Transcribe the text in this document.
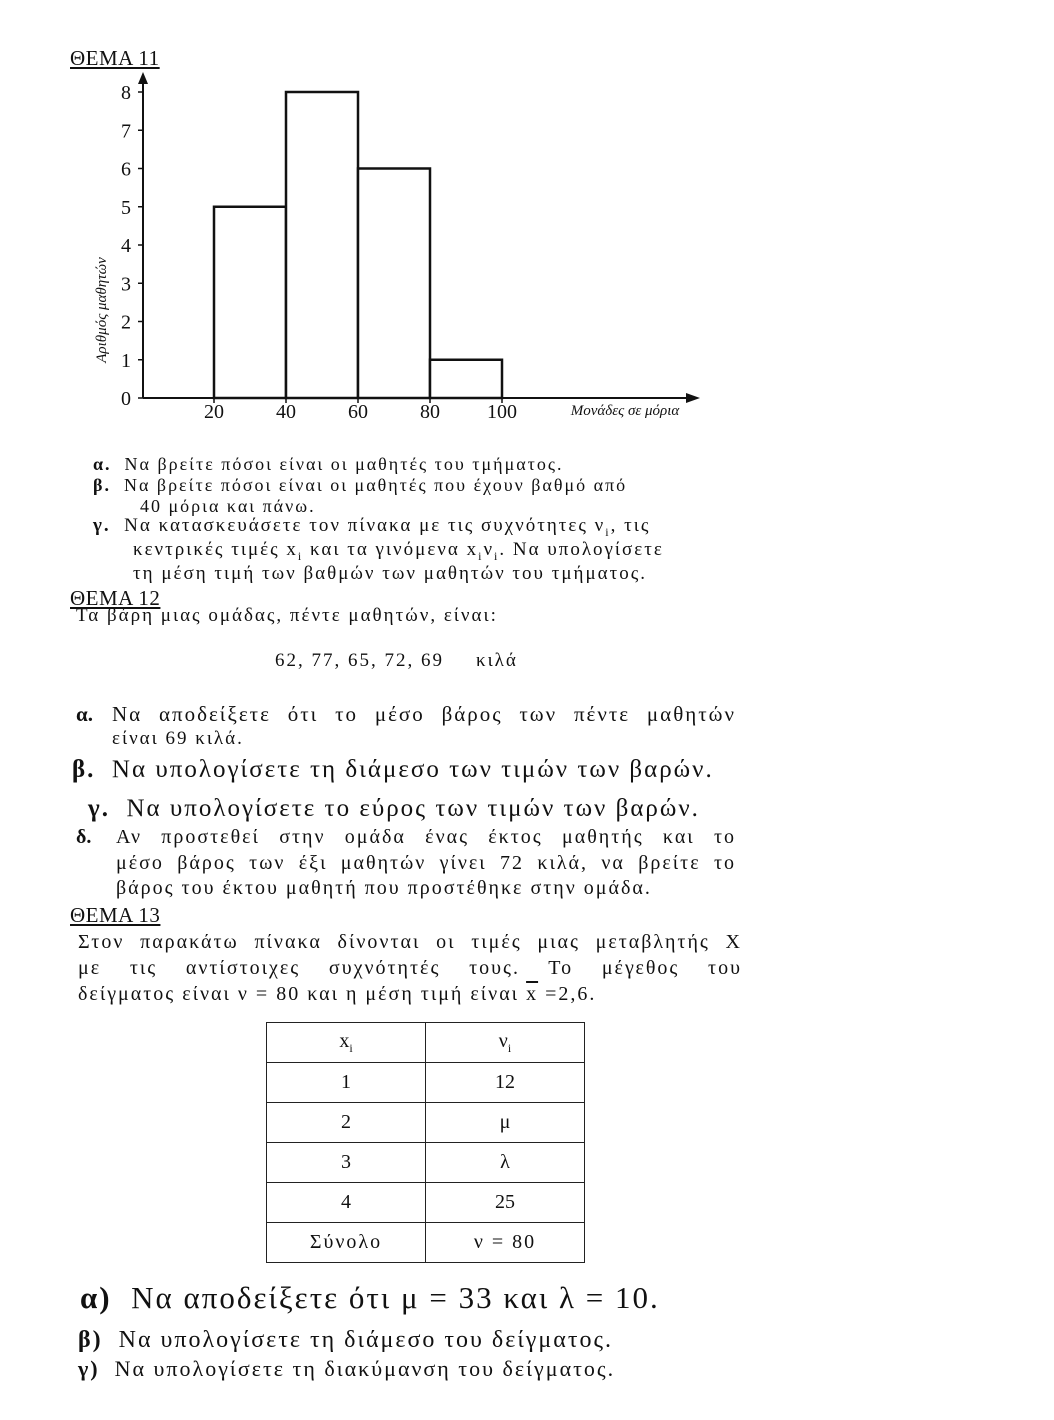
ΘΕΜΑ 11
Αριθμός μαθητών
0
1
2
3
4
5
6
7
8
20	40	60	80 100	Μονάδες σε μόρια
α. Να βρείτε πόσοι είναι οι μαθητές του τμήματος.
β. Να βρείτε πόσοι είναι οι μαθητές που έχουν βαθμό από
40 μόρια και πάνω.
γ. Να κατασκευάσετε τον πίνακα με τις συχνότητες $\nu_i$, τις
κεντρικές τιμές $x_i$ και τα γινόμενα $x_i\nu_i$. Να υπολογίσετε
τη μέση τιμή των βαθμών των μαθητών του τμήματος.
ΘΕΜΑ 12
Τα βάρη μιας ομάδας, πέντε μαθητών, είναι:
62, 77, 65, 72, 69 κιλά
α. Να αποδείξετε ότι το μέσο βάρος των πέντε μαθητών
είναι 69 κιλά.
β. Να υπολογίσετε τη διάμεσο των τιμών των βαρών.
γ. Να υπολογίσετε το εύρος των τιμών των βαρών.
δ. Αν προστεθεί στην ομάδα ένας έκτος μαθητής και το
μέσο βάρος των έξι μαθητών γίνει 72 κιλά, να βρείτε το
βάρος του έκτου μαθητή που προστέθηκε στην ομάδα.
ΘΕΜΑ 13
Στον παρακάτω πίνακα δίνονται οι τιμές μιας μεταβλητής Χ
με τις αντίστοιχες συχνότητές τους. Το μέγεθος του
δείγματος είναι ν = 80 και η μέση τιμή είναι $\overline{x} =2,6$.
$x_i$	$\nu_i$
1	12
2	μ
3	λ
4	25
Σύνολο	ν = 80
α) Να αποδείξετε ότι μ = 33 και λ = 10.
β) Να υπολογίσετε τη διάμεσο του δείγματος.
γ) Να υπολογίσετε τη διακύμανση του δείγματος.
